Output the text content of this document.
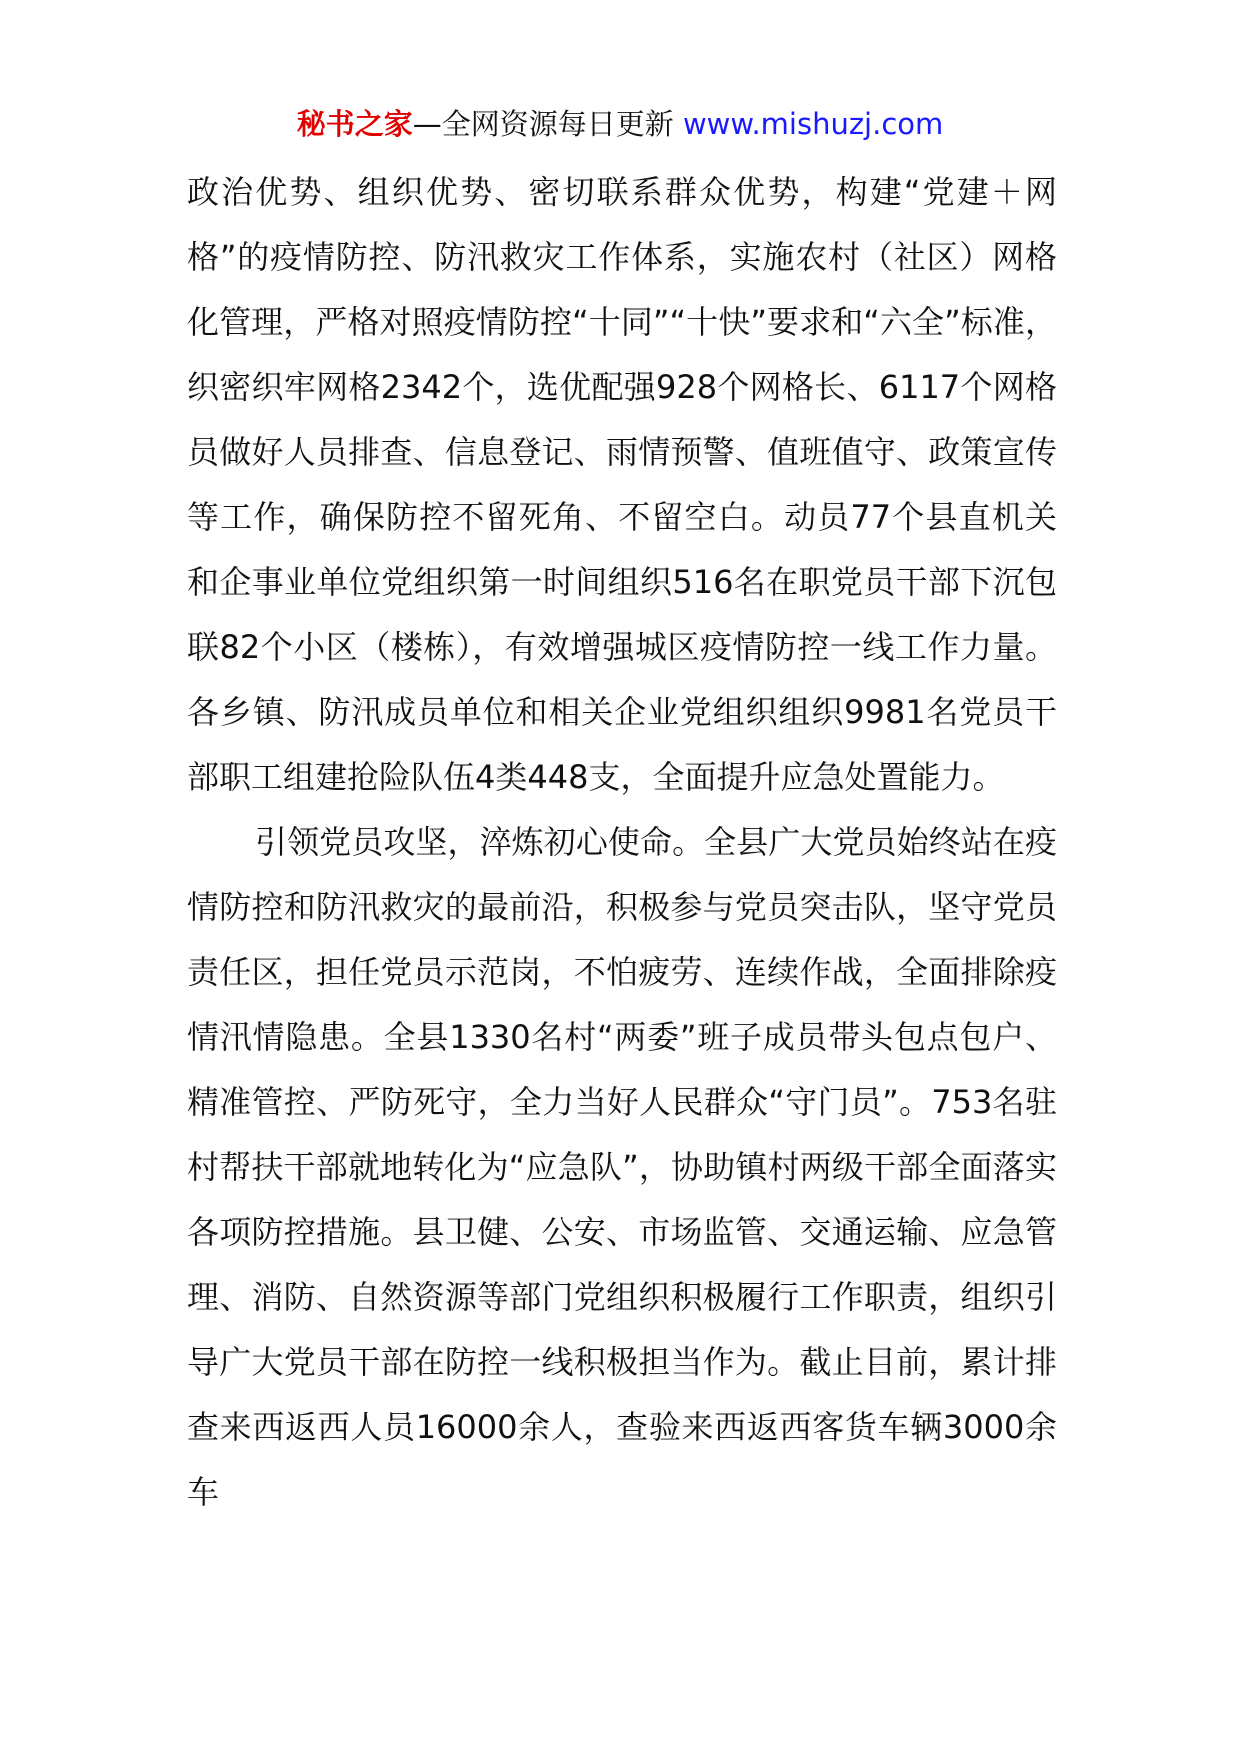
秘书之家—全网资源每日更新 www.mishuzj.com

政治优势、组织优势、密切联系群众优势，构建“党建＋网格”的疫情防控、防汛救灾工作体系，实施农村（社区）网格化管理，严格对照疫情防控“十同”“十快”要求和“六全”标准，织密织牢网格2342个，选优配强928个网格长、6117个网格员做好人员排查、信息登记、雨情预警、值班值守、政策宣传等工作，确保防控不留死角、不留空白。动员77个县直机关和企事业单位党组织第一时间组织516名在职党员干部下沉包联82个小区（楼栋），有效增强城区疫情防控一线工作力量。各乡镇、防汛成员单位和相关企业党组织组织9981名党员干部职工组建抢险队伍4类448支，全面提升应急处置能力。

引领党员攻坚，淬炼初心使命。全县广大党员始终站在疫情防控和防汛救灾的最前沿，积极参与党员突击队，坚守党员责任区，担任党员示范岗，不怕疲劳、连续作战，全面排除疫情汛情隐患。全县1330名村“两委”班子成员带头包点包户、精准管控、严防死守，全力当好人民群众“守门员”。753名驻村帮扶干部就地转化为“应急队”，协助镇村两级干部全面落实各项防控措施。县卫健、公安、市场监管、交通运输、应急管理、消防、自然资源等部门党组织积极履行工作职责，组织引导广大党员干部在防控一线积极担当作为。截止目前，累计排查来西返西人员16000余人，查验来西返西客货车辆3000余车
